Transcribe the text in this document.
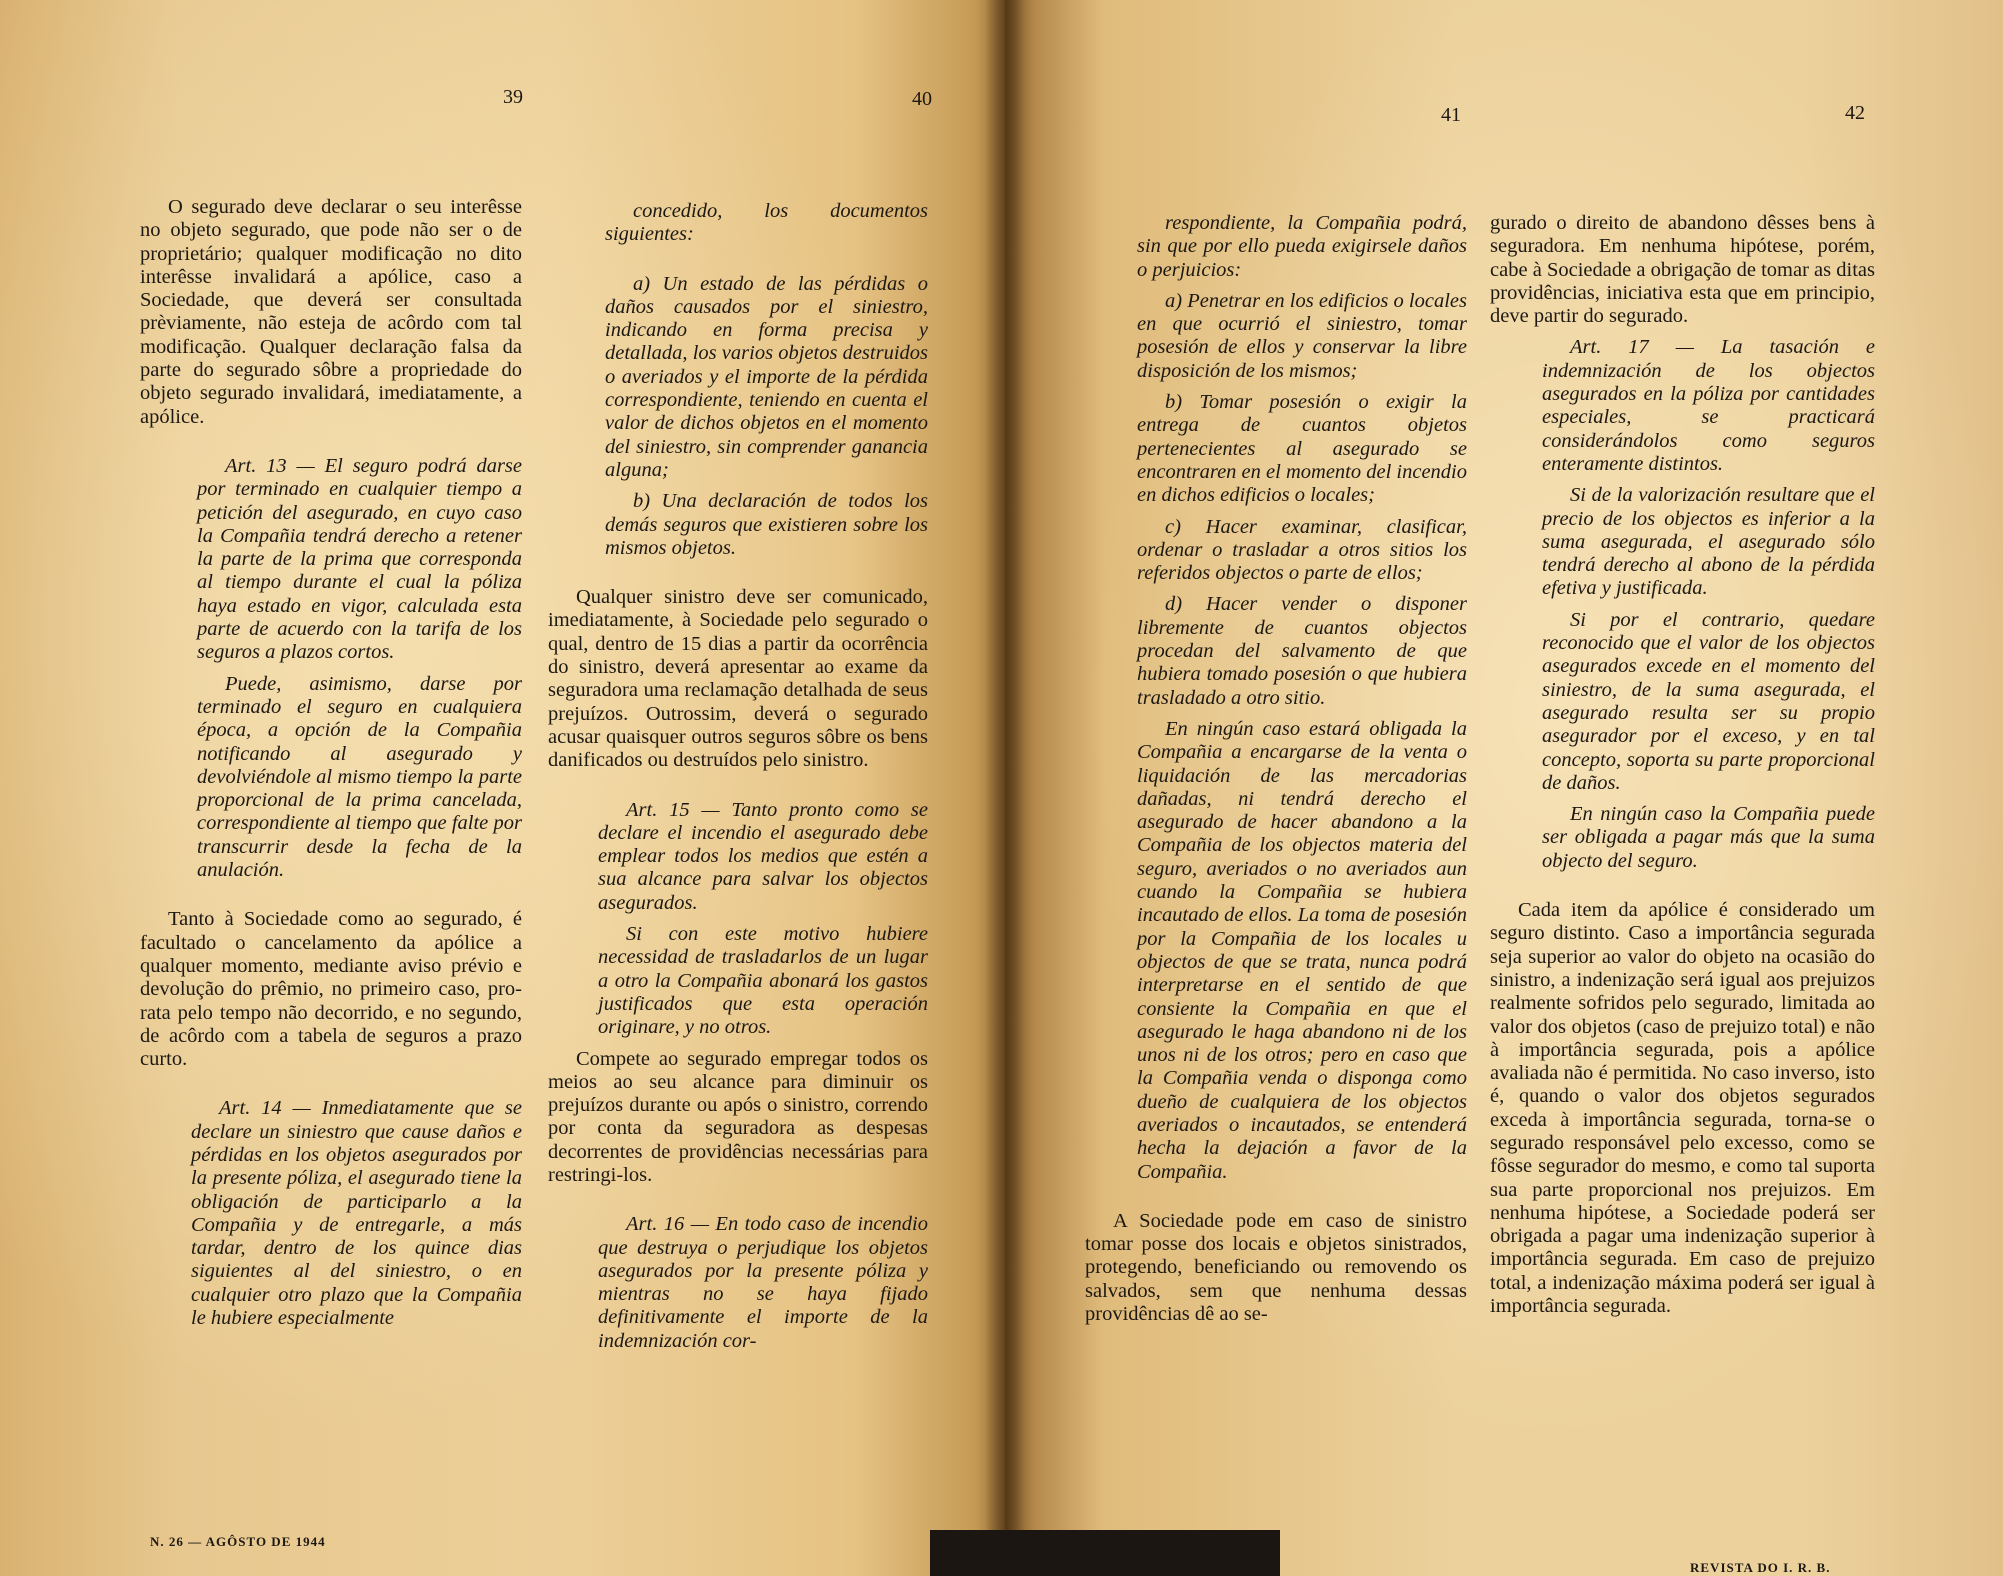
39	40

O segurado deve declarar o seu interêsse no objeto segurado, que pode não ser o de proprietário; qualquer modificação no dito interêsse invalidará a apólice, caso a Sociedade, que deverá ser consultada prèviamente, não esteja de acôrdo com tal modificação. Qualquer declaração falsa da parte do segurado sôbre a propriedade do objeto segurado invalidará, imediatamente, a apólice.

Art. 13 — El seguro podrá darse por terminado en cualquier tiempo a petición del asegurado, en cuyo caso la Compañia tendrá derecho a retener la parte de la prima que corresponda al tiempo durante el cual la póliza haya estado en vigor, calculada esta parte de acuerdo con la tarifa de los seguros a plazos cortos.

Puede, asimismo, darse por terminado el seguro en cualquiera época, a opción de la Compañia notificando al asegurado y devolviéndole al mismo tiempo la parte proporcional de la prima cancelada, correspondiente al tiempo que falte por transcurrir desde la fecha de la anulación.

Tanto à Sociedade como ao segurado, é facultado o cancelamento da apólice a qualquer momento, mediante aviso prévio e devolução do prêmio, no primeiro caso, pro-rata pelo tempo não decorrido, e no segundo, de acôrdo com a tabela de seguros a prazo curto.

Art. 14 — Inmediatamente que se declare un siniestro que cause daños e pérdidas en los objetos asegurados por la presente póliza, el asegurado tiene la obligación de participarlo a la Compañia y de entregarle, a más tardar, dentro de los quince dias siguientes al del siniestro, o en cualquier otro plazo que la Compañia le hubiere especialmente

concedido, los documentos siguientes:

a) Un estado de las pérdidas o daños causados por el siniestro, indicando en forma precisa y detallada, los varios objetos destruidos o averiados y el importe de la pérdida correspondiente, teniendo en cuenta el valor de dichos objetos en el momento del siniestro, sin comprender ganancia alguna;

b) Una declaración de todos los demás seguros que existieren sobre los mismos objetos.

Qualquer sinistro deve ser comunicado, imediatamente, à Sociedade pelo segurado o qual, dentro de 15 dias a partir da ocorrência do sinistro, deverá apresentar ao exame da seguradora uma reclamação detalhada de seus prejuízos. Outrossim, deverá o segurado acusar quaisquer outros seguros sôbre os bens danificados ou destruídos pelo sinistro.

Art. 15 — Tanto pronto como se declare el incendio el asegurado debe emplear todos los medios que estén a sua alcance para salvar los objectos asegurados.

Si con este motivo hubiere necessidad de trasladarlos de un lugar a otro la Compañia abonará los gastos justificados que esta operación originare, y no otros.

Compete ao segurado empregar todos os meios ao seu alcance para diminuir os prejuízos durante ou após o sinistro, correndo por conta da seguradora as despesas decorrentes de providências necessárias para restringi-los.

Art. 16 — En todo caso de incendio que destruya o perjudique los objetos asegurados por la presente póliza y mientras no se haya fijado definitivamente el importe de la indemnización cor-

N. 26 — AGÔSTO DE 1944
41	42

respondiente, la Compañia podrá, sin que por ello pueda exigirsele daños o perjuicios:

a) Penetrar en los edificios o locales en que ocurrió el siniestro, tomar posesión de ellos y conservar la libre disposición de los mismos;

b) Tomar posesión o exigir la entrega de cuantos objetos pertenecientes al asegurado se encontraren en el momento del incendio en dichos edificios o locales;

c) Hacer examinar, clasificar, ordenar o trasladar a otros sitios los referidos objectos o parte de ellos;

d) Hacer vender o disponer libremente de cuantos objectos procedan del salvamento de que hubiera tomado posesión o que hubiera trasladado a otro sitio.

En ningún caso estará obligada la Compañia a encargarse de la venta o liquidación de las mercadorias dañadas, ni tendrá derecho el asegurado de hacer abandono a la Compañia de los objectos materia del seguro, averiados o no averiados aun cuando la Compañia se hubiera incautado de ellos. La toma de posesión por la Compañia de los locales u objectos de que se trata, nunca podrá interpretarse en el sentido de que consiente la Compañia en que el asegurado le haga abandono ni de los unos ni de los otros; pero en caso que la Compañia venda o disponga como dueño de cualquiera de los objectos averiados o incautados, se entenderá hecha la dejación a favor de la Compañia.

A Sociedade pode em caso de sinistro tomar posse dos locais e objetos sinistrados, protegendo, beneficiando ou removendo os salvados, sem que nenhuma dessas providências dê ao se-

gurado o direito de abandono dêsses bens à seguradora. Em nenhuma hipótese, porém, cabe à Sociedade a obrigação de tomar as ditas providências, iniciativa esta que em principio, deve partir do segurado.

Art. 17 — La tasación e indemnización de los objectos asegurados en la póliza por cantidades especiales, se practicará considerándolos como seguros enteramente distintos.

Si de la valorización resultare que el precio de los objectos es inferior a la suma asegurada, el asegurado sólo tendrá derecho al abono de la pérdida efetiva y justificada.

Si por el contrario, quedare reconocido que el valor de los objectos asegurados excede en el momento del siniestro, de la suma asegurada, el asegurado resulta ser su propio asegurador por el exceso, y en tal concepto, soporta su parte proporcional de daños.

En ningún caso la Compañia puede ser obligada a pagar más que la suma objecto del seguro.

Cada item da apólice é considerado um seguro distinto. Caso a importância segurada seja superior ao valor do objeto na ocasião do sinistro, a indenização será igual aos prejuizos realmente sofridos pelo segurado, limitada ao valor dos objetos (caso de prejuizo total) e não à importância segurada, pois a apólice avaliada não é permitida. No caso inverso, isto é, quando o valor dos objetos segurados exceda à importância segurada, torna-se o segurado responsável pelo excesso, como se fôsse segurador do mesmo, e como tal suporta sua parte proporcional nos prejuizos. Em nenhuma hipótese, a Sociedade poderá ser obrigada a pagar uma indenização superior à importância segurada. Em caso de prejuizo total, a indenização máxima poderá ser igual à importância segurada.

REVISTA DO I. R. B.
